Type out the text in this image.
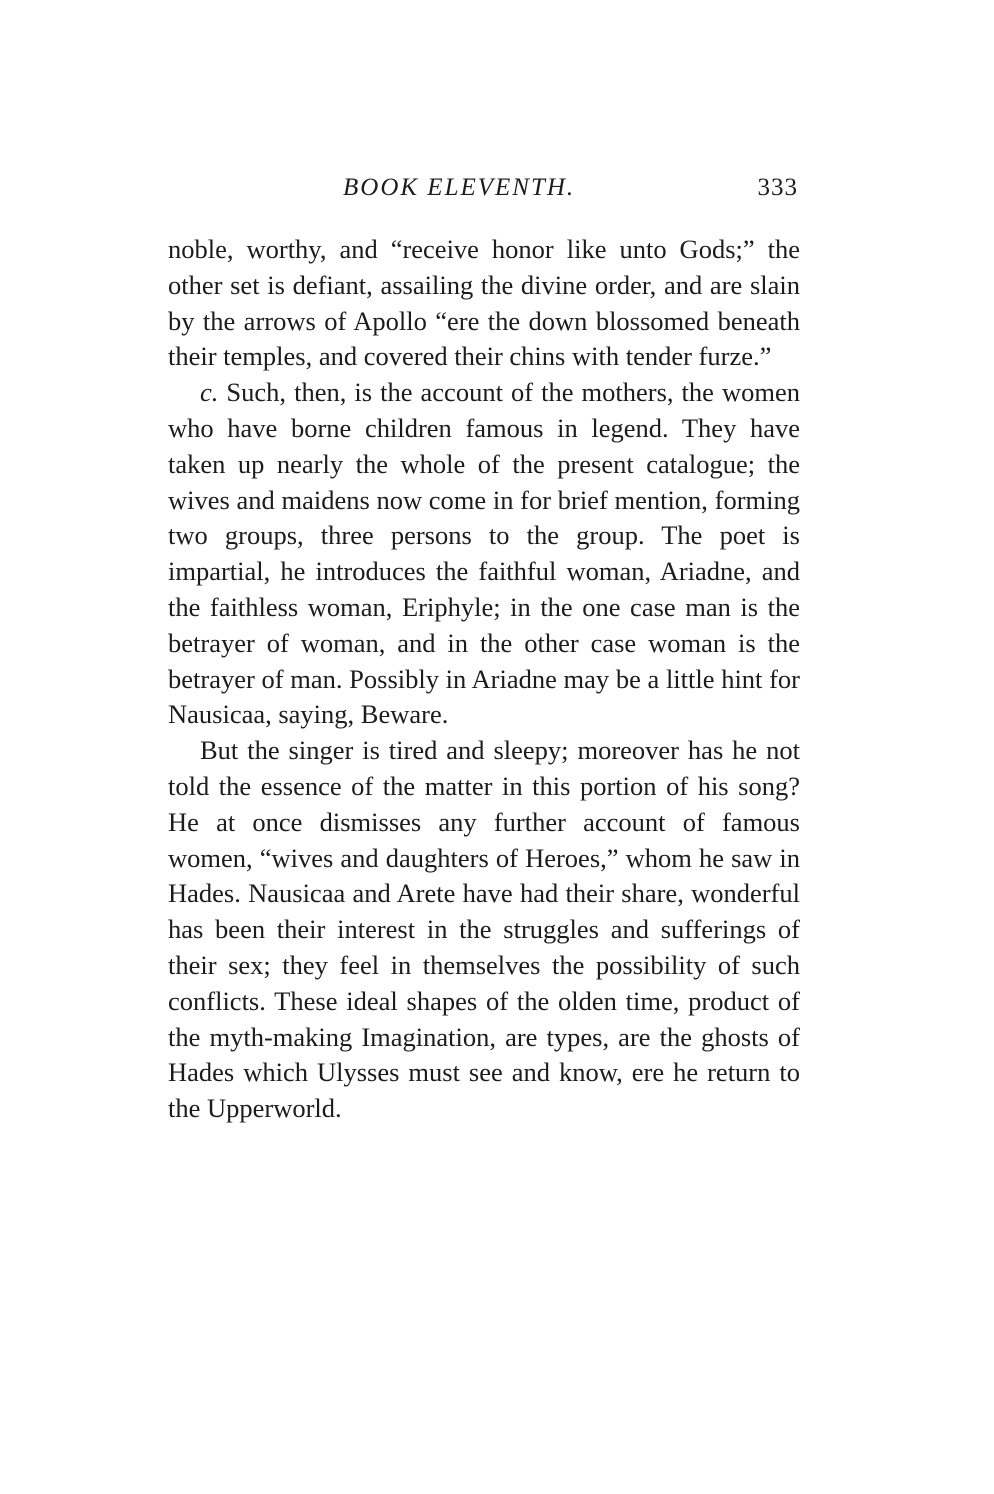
BOOK ELEVENTH.	333

noble, worthy, and “receive honor like unto Gods;” the other set is defiant, assailing the divine order, and are slain by the arrows of Apollo “ere the down blossomed beneath their temples, and covered their chins with tender furze.”

c. Such, then, is the account of the mothers, the women who have borne children famous in legend. They have taken up nearly the whole of the present catalogue; the wives and maidens now come in for brief mention, forming two groups, three persons to the group. The poet is impartial, he introduces the faithful woman, Ariadne, and the faithless woman, Eriphyle; in the one case man is the betrayer of woman, and in the other case woman is the betrayer of man. Possibly in Ariadne may be a little hint for Nausicaa, saying, Beware.

But the singer is tired and sleepy; moreover has he not told the essence of the matter in this portion of his song? He at once dismisses any further account of famous women, “wives and daughters of Heroes,” whom he saw in Hades. Nausicaa and Arete have had their share, wonderful has been their interest in the struggles and sufferings of their sex; they feel in themselves the possibility of such conflicts. These ideal shapes of the olden time, product of the myth-making Imagination, are types, are the ghosts of Hades which Ulysses must see and know, ere he return to the Upperworld.
